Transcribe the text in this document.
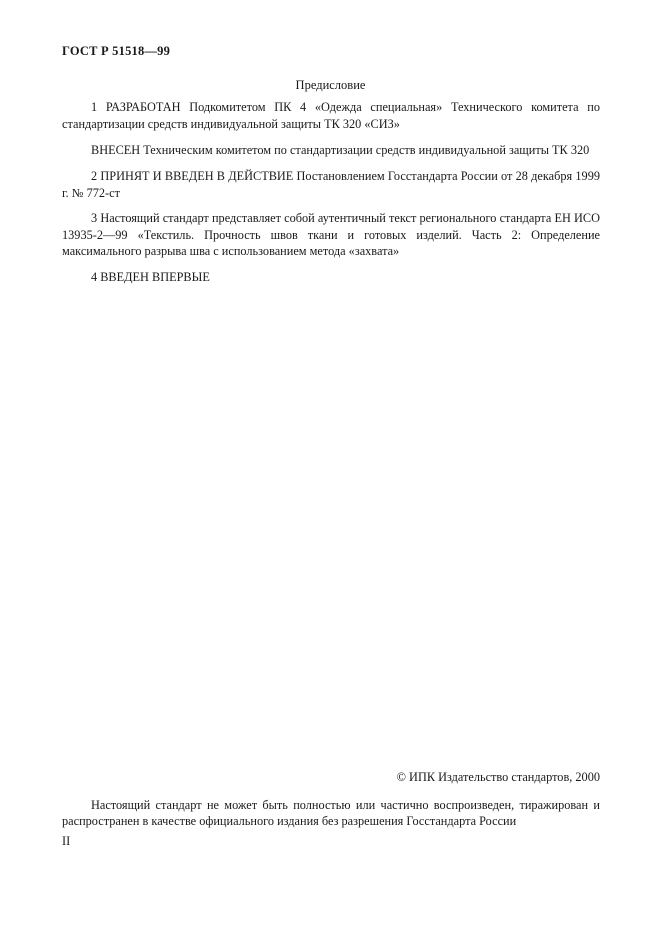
ГОСТ Р 51518—99
Предисловие

1 РАЗРАБОТАН Подкомитетом ПК 4 «Одежда специальная» Технического комитета по стандартизации средств индивидуальной защиты ТК 320 «СИЗ»

ВНЕСЕН Техническим комитетом по стандартизации средств индивидуальной защиты ТК 320

2 ПРИНЯТ И ВВЕДЕН В ДЕЙСТВИЕ Постановлением Госстандарта России от 28 декабря 1999 г. № 772-ст

3 Настоящий стандарт представляет собой аутентичный текст регионального стандарта ЕН ИСО 13935-2—99 «Текстиль. Прочность швов ткани и готовых изделий. Часть 2: Определение максимального разрыва шва с использованием метода «захвата»

4 ВВЕДЕН ВПЕРВЫЕ

© ИПК Издательство стандартов, 2000

Настоящий стандарт не может быть полностью или частично воспроизведен, тиражирован и распространен в качестве официального издания без разрешения Госстандарта России

II
